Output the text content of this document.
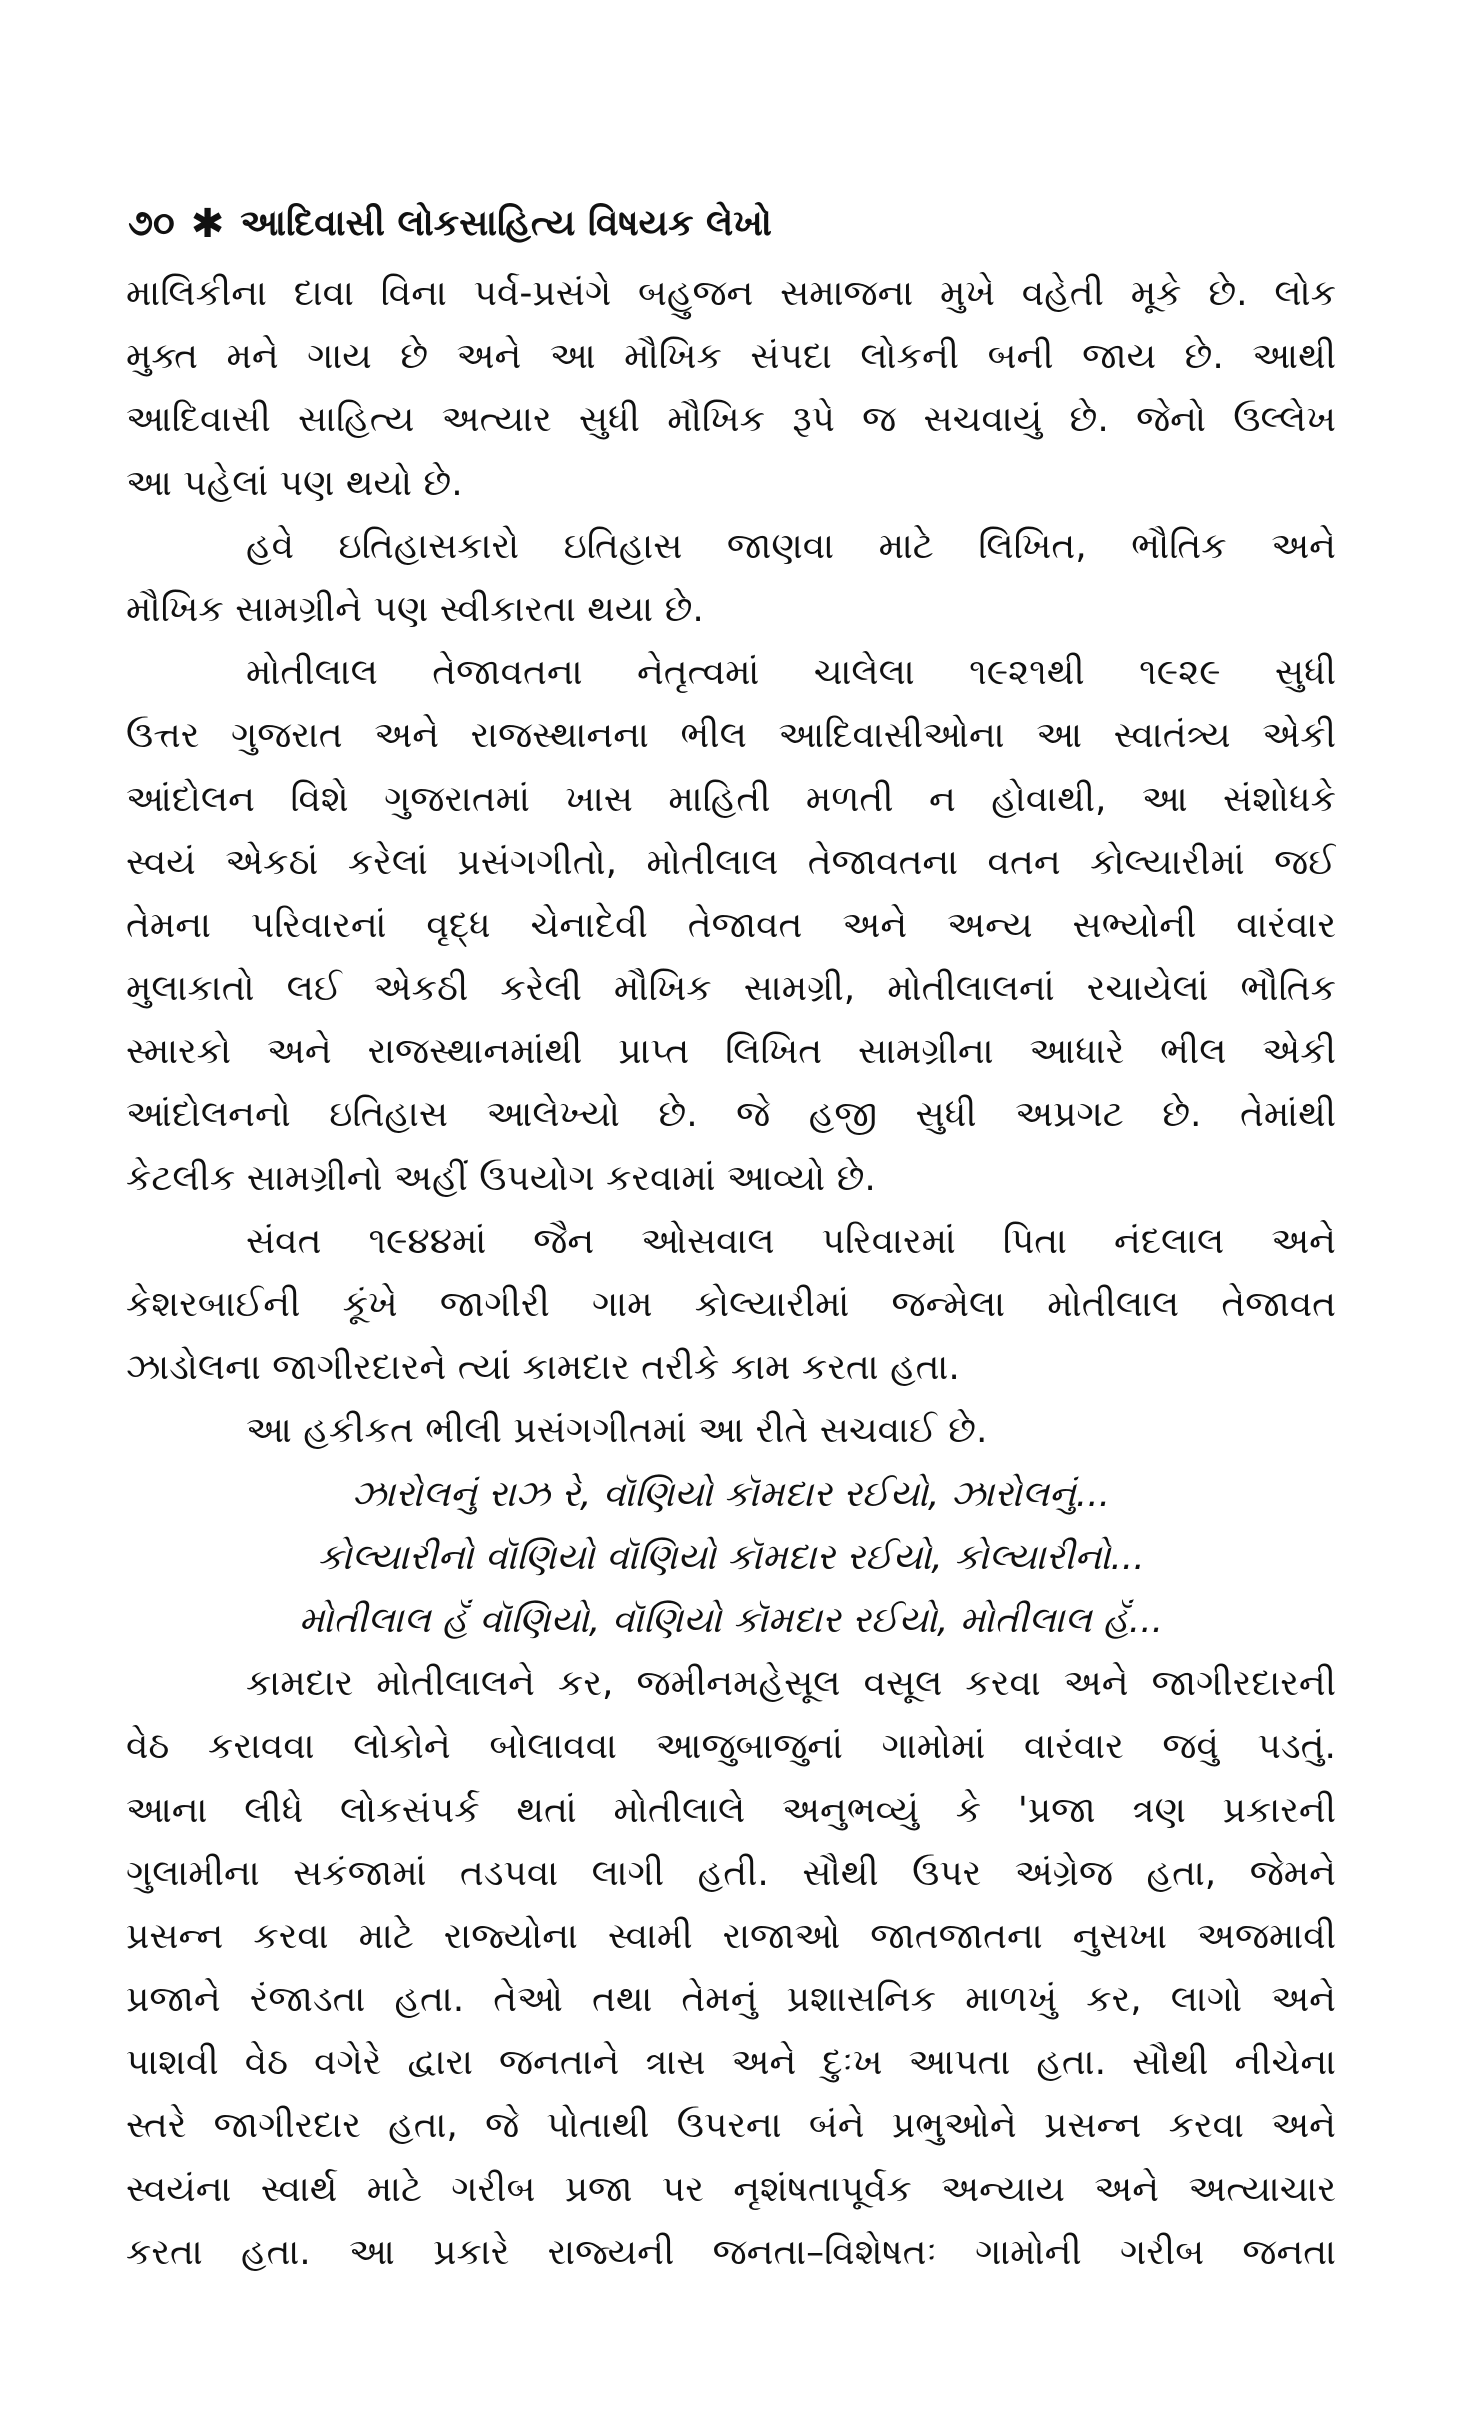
૭૦ ✱ આદિવાસી લોકસાહિત્ય વિષયક લેખો
માલિકીના દાવા વિના પર્વ-પ્રસંગે બહુજન સમાજના મુખે વહેતી મૂકે છે. લોક
મુક્ત મને ગાય છે અને આ મૌખિક સંપદા લોકની બની જાય છે. આથી
આદિવાસી સાહિત્ય અત્યાર સુધી મૌખિક રૂપે જ સચવાયું છે. જેનો ઉલ્લેખ
આ પહેલાં પણ થયો છે.
હવે ઇતિહાસકારો ઇતિહાસ જાણવા માટે લિખિત, ભૌતિક અને
મૌખિક સામગ્રીને પણ સ્વીકારતા થયા છે.
મોતીલાલ તેજાવતના નેતૃત્વમાં ચાલેલા ૧૯૨૧થી ૧૯૨૯ સુધી
ઉત્તર ગુજરાત અને રાજસ્થાનના ભીલ આદિવાસીઓના આ સ્વાતંત્ર્ય એકી
આંદોલન વિશે ગુજરાતમાં ખાસ માહિતી મળતી ન હોવાથી, આ સંશોધકે
સ્વયં એકઠાં કરેલાં પ્રસંગગીતો, મોતીલાલ તેજાવતના વતન કોલ્યારીમાં જઈ
તેમના પરિવારનાં વૃદ્ધ ચેનાદેવી તેજાવત અને અન્ય સભ્યોની વારંવાર
મુલાકાતો લઈ એકઠી કરેલી મૌખિક સામગ્રી, મોતીલાલનાં રચાયેલાં ભૌતિક
સ્મારકો અને રાજસ્થાનમાંથી પ્રાપ્ત લિખિત સામગ્રીના આધારે ભીલ એકી
આંદોલનનો ઇતિહાસ આલેખ્યો છે. જે હજી સુધી અપ્રગટ છે. તેમાંથી
કેટલીક સામગ્રીનો અહીં ઉપયોગ કરવામાં આવ્યો છે.
સંવત ૧૯૪૪માં જૈન ઓસવાલ પરિવારમાં પિતા નંદલાલ અને
કેશરબાઈની કૂંખે જાગીરી ગામ કોલ્યારીમાં જન્મેલા મોતીલાલ તેજાવત
ઝાડોલના જાગીરદારને ત્યાં કામદાર તરીકે કામ કરતા હતા.
આ હકીકત ભીલી પ્રસંગગીતમાં આ રીતે સચવાઈ છે.
ઝારોલનું રાઝ રે, વૉણિયો કૉમદાર રઈયો, ઝારોલનું...
કોલ્યારીનો વૉણિયો વૉણિયો કૉમદાર રઈયો, કોલ્યારીનો...
મોતીલાલ હૅં વૉણિયો, વૉણિયો કૉમદાર રઈયો, મોતીલાલ હૅં...
કામદાર મોતીલાલને કર, જમીનમહેસૂલ વસૂલ કરવા અને જાગીરદારની
વેઠ કરાવવા લોકોને બોલાવવા આજુબાજુનાં ગામોમાં વારંવાર જવું પડતું.
આના લીધે લોકસંપર્ક થતાં મોતીલાલે અનુભવ્યું કે 'પ્રજા ત્રણ પ્રકારની
ગુલામીના સકંજામાં તડપવા લાગી હતી. સૌથી ઉપર અંગ્રેજ હતા, જેમને
પ્રસન્ન કરવા માટે રાજ્યોના સ્વામી રાજાઓ જાતજાતના નુસખા અજમાવી
પ્રજાને રંજાડતા હતા. તેઓ તથા તેમનું પ્રશાસનિક માળખું કર, લાગો અને
પાશવી વેઠ વગેરે દ્વારા જનતાને ત્રાસ અને દુઃખ આપતા હતા. સૌથી નીચેના
સ્તરે જાગીરદાર હતા, જે પોતાથી ઉપરના બંને પ્રભુઓને પ્રસન્ન કરવા અને
સ્વયંના સ્વાર્થ માટે ગરીબ પ્રજા પર નૃશંષતાપૂર્વક અન્યાય અને અત્યાચાર
કરતા હતા. આ પ્રકારે રાજ્યની જનતા–વિશેષતઃ ગામોની ગરીબ જનતા
